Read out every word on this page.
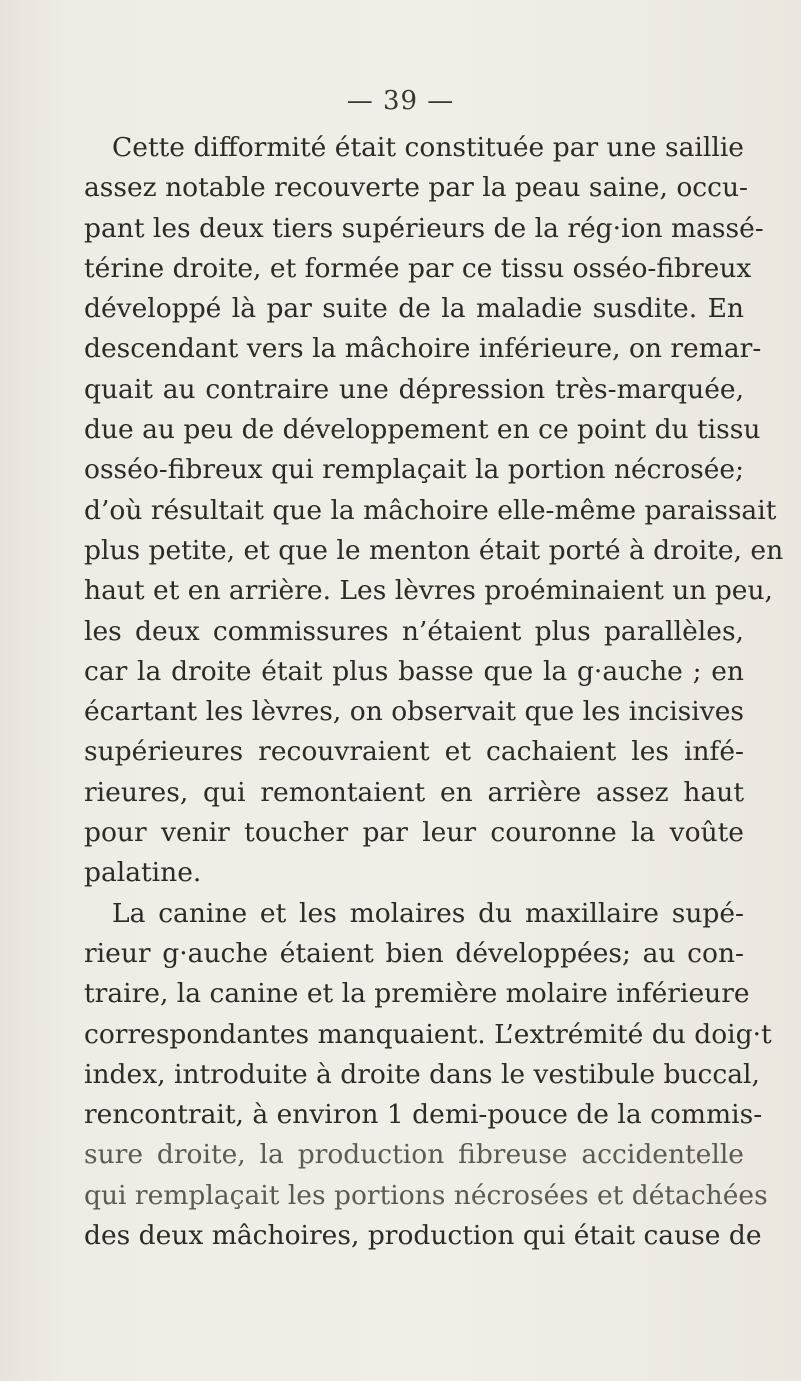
— 39 —
Cette difformité était constituée par une saillie
assez notable recouverte par la peau saine, occu-
pant les deux tiers supérieurs de la rég·ion massé-
térine droite, et formée par ce tissu osséo-fibreux
développé là par suite de la maladie susdite. En
descendant vers la mâchoire inférieure, on remar-
quait au contraire une dépression très-marquée,
due au peu de développement en ce point du tissu
osséo-fibreux qui remplaçait la portion nécrosée;
d’où résultait que la mâchoire elle-même paraissait
plus petite, et que le menton était porté à droite, en
haut et en arrière. Les lèvres proéminaient un peu,
les deux commissures n’étaient plus parallèles,
car la droite était plus basse que la g·auche ; en
écartant les lèvres, on observait que les incisives
supérieures recouvraient et cachaient les infé-
rieures, qui remontaient en arrière assez haut
pour venir toucher par leur couronne la voûte
palatine.
La canine et les molaires du maxillaire supé-
rieur g·auche étaient bien développées; au con-
traire, la canine et la première molaire inférieure
correspondantes manquaient. L’extrémité du doig·t
index, introduite à droite dans le vestibule buccal,
rencontrait, à environ 1 demi-pouce de la commis-
sure droite, la production fibreuse accidentelle
qui remplaçait les portions nécrosées et détachées
des deux mâchoires, production qui était cause de
